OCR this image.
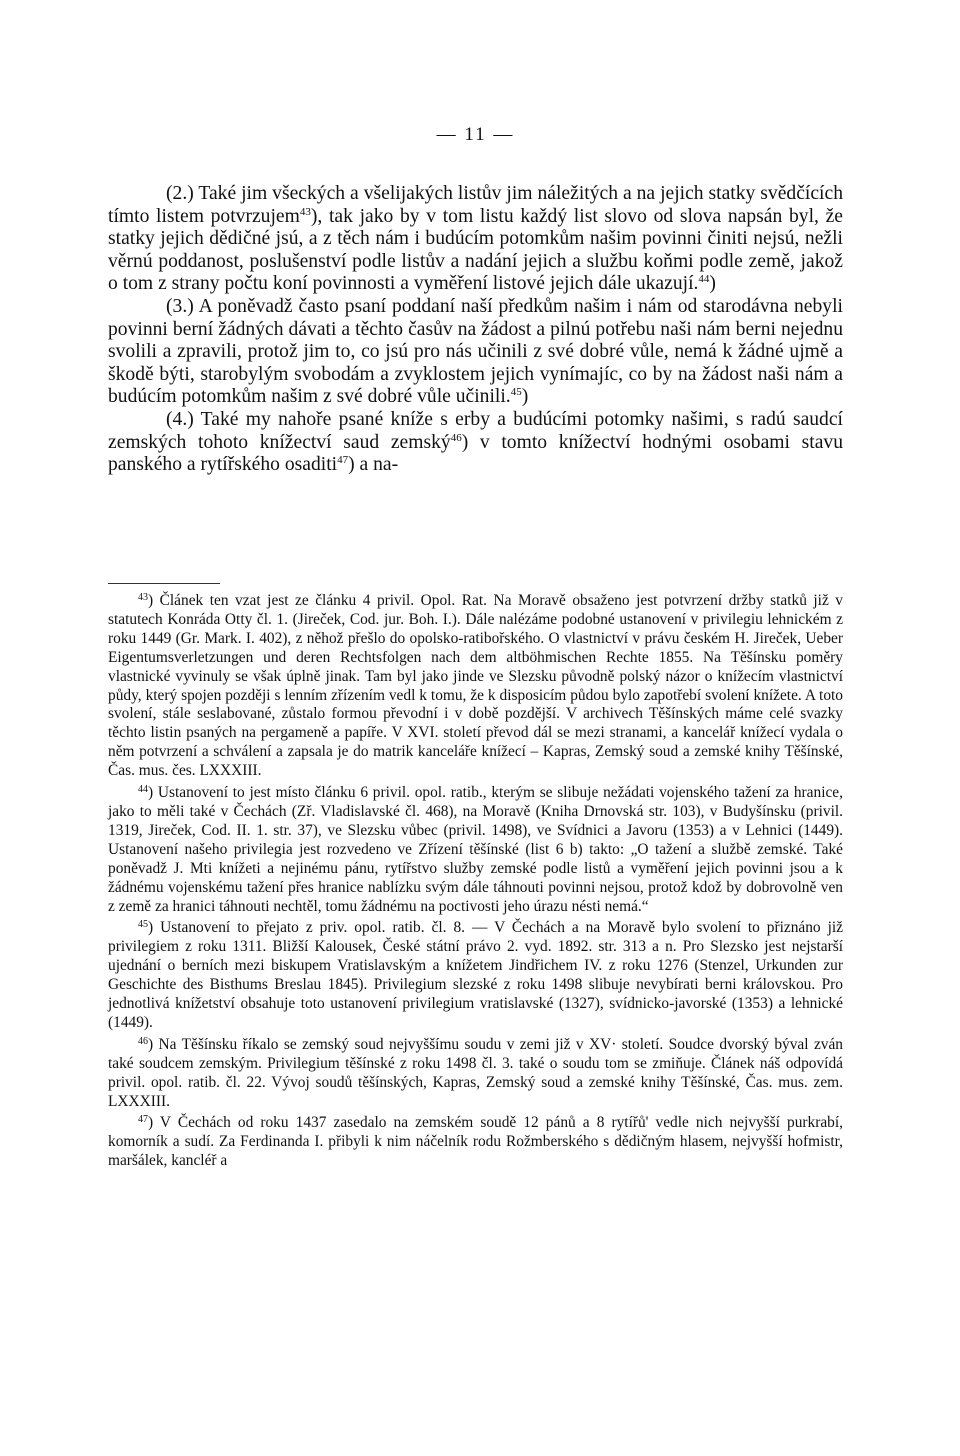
— 11 —

(2.) Také jim všeckých a všelijakých listův jim náležitých a na jejich statky svědčících tímto listem potvrzujem$^{43}$), tak jako by v tom listu každý list slovo od slova napsán byl, že statky jejich dědičné jsú, a z těch nám i budúcím potomkům našim povinni činiti nejsú, nežli věrnú poddanost, poslušenství podle listův a nadání jejich a službu koňmi podle země, jakož o tom z strany počtu koní povinnosti a vyměření listové jejich dále ukazují.$^{44}$)

(3.) A poněvadž často psaní poddaní naší předkům našim i nám od starodávna nebyli povinni berní žádných dávati a těchto časův na žádost a pilnú potřebu naši nám berni nejednu svolili a zpravili, protož jim to, co jsú pro nás učinili z své dobré vůle, nemá k žádné ujmě a škodě býti, starobylým svobodám a zvyklostem jejich vynímajíc, co by na žádost naši nám a budúcím potomkům našim z své dobré vůle učinili.$^{45}$)

(4.) Také my nahoře psané kníže s erby a budúcími potomky našimi, s radú saudcí zemských tohoto knížectví saud zemský$^{46}$) v tomto knížectví hodnými osobami stavu panského a rytířského osaditi$^{47}$) a na-

$^{43}$) Článek ten vzat jest ze článku 4 privil. Opol. Rat. Na Moravě obsaženo jest potvrzení držby statků již v statutech Konráda Otty čl. 1. (Jireček, Cod. jur. Boh. I.). Dále nalézáme podobné ustanovení v privilegiu lehnickém z roku 1449 (Gr. Mark. I. 402), z něhož přešlo do opolsko-ratibořského. O vlastnictví v právu českém H. Jireček, Ueber Eigentumsverletzungen und deren Rechtsfolgen nach dem altböhmischen Rechte 1855. Na Těšínsku poměry vlastnické vyvinuly se však úplně jinak. Tam byl jako jinde ve Slezsku původně polský názor o knížecím vlastnictví půdy, který spojen později s lenním zřízením vedl k tomu, že k disposicím půdou bylo zapotřebí svolení knížete. A toto svolení, stále seslabované, zůstalo formou převodní i v době pozdější. V archivech Těšínských máme celé svazky těchto listin psaných na pergameně a papíře. V XVI. století převod dál se mezi stranami, a kancelář knížecí vydala o něm potvrzení a schválení a zapsala je do matrik kanceláře knížecí – Kapras, Zemský soud a zemské knihy Těšínské, Čas. mus. čes. LXXXIII.

$^{44}$) Ustanovení to jest místo článku 6 privil. opol. ratib., kterým se slibuje nežádati vojenského tažení za hranice, jako to měli také v Čechách (Zř. Vladislavské čl. 468), na Moravě (Kniha Drnovská str. 103), v Budyšínsku (privil. 1319, Jireček, Cod. II. 1. str. 37), ve Slezsku vůbec (privil. 1498), ve Svídnici a Javoru (1353) a v Lehnici (1449). Ustanovení našeho privilegia jest rozvedeno ve Zřízení těšínské (list 6 b) takto: „O tažení a službě zemské. Také poněvadž J. Mti knížeti a nejinému pánu, rytířstvo služby zemské podle listů a vyměření jejich povinni jsou a k žádnému vojenskému tažení přes hranice nablízku svým dále táhnouti povinni nejsou, protož kdož by dobrovolně ven z země za hranici táhnouti nechtěl, tomu žádnému na poctivosti jeho úrazu nésti nemá.“

$^{45}$) Ustanovení to přejato z priv. opol. ratib. čl. 8. — V Čechách a na Moravě bylo svolení to přiznáno již privilegiem z roku 1311. Bližší Kalousek, České státní právo 2. vyd. 1892. str. 313 a n. Pro Slezsko jest nejstarší ujednání o berních mezi biskupem Vratislavským a knížetem Jindřichem IV. z roku 1276 (Stenzel, Urkunden zur Geschichte des Bisthums Breslau 1845). Privilegium slezské z roku 1498 slibuje nevybírati berni královskou. Pro jednotlivá knížetství obsahuje toto ustanovení privilegium vratislavské (1327), svídnicko-javorské (1353) a lehnické (1449).

$^{46}$) Na Těšínsku říkalo se zemský soud nejvyššímu soudu v zemi již v XV· století. Soudce dvorský býval zván také soudcem zemským. Privilegium těšínské z roku 1498 čl. 3. také o soudu tom se zmiňuje. Článek náš odpovídá privil. opol. ratib. čl. 22. Vývoj soudů těšínských, Kapras, Zemský soud a zemské knihy Těšínské, Čas. mus. zem. LXXXIII.

$^{47}$) V Čechách od roku 1437 zasedalo na zemském soudě 12 pánů a 8 rytířů' vedle nich nejvyšší purkrabí, komorník a sudí. Za Ferdinanda I. přibyli k nim náčelník rodu Rožmberského s dědičným hlasem, nejvyšší hofmistr, maršálek, kancléř a
